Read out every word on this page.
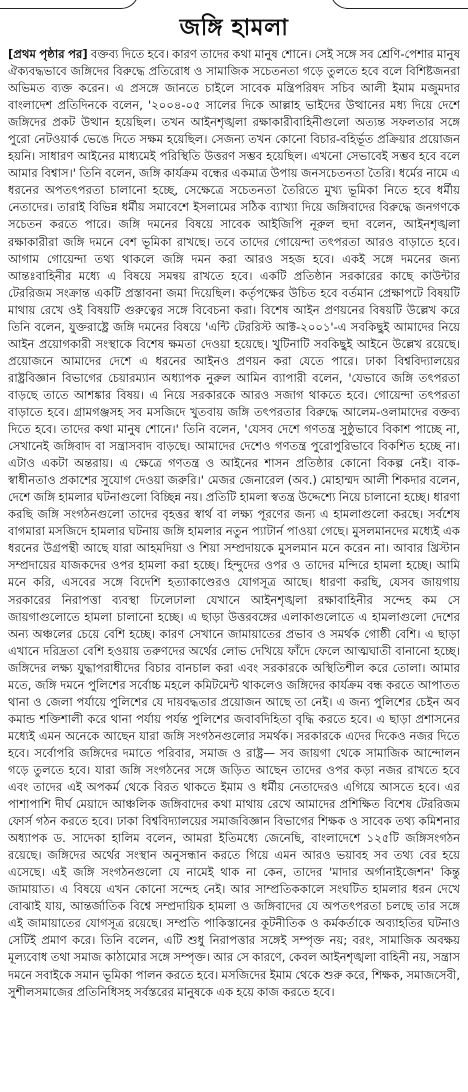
জঙ্গি হামলা

[প্রথম পৃষ্ঠার পর] বক্তব্য দিতে হবে। কারণ তাদের কথা মানুষ শোনে। সেই সঙ্গে সব শ্রেণি-পেশার মানুষ ঐক্যবদ্ধভাবে জঙ্গিদের বিরুদ্ধে প্রতিরোধ ও সামাজিক সচেতনতা গড়ে তুলতে হবে বলে বিশিষ্টজনরা অভিমত ব্যক্ত করেন। এ প্রসঙ্গে জানতে চাইলে সাবেক মন্ত্রিপরিষদ সচিব আলী ইমাম মজুমদার বাংলাদেশ প্রতিদিনকে বলেন, '২০০৪-০৫ সালের দিকে আল্লাহ ভাইদের উত্থানের মধ্য দিয়ে দেশে জঙ্গিদের প্রকট উত্থান হয়েছিল। তখন আইনশৃঙ্খলা রক্ষাকারীবাহিনীগুলো অত্যন্ত সফলতার সঙ্গে পুরো নেটওয়ার্ক ভেঙে দিতে সক্ষম হয়েছিল। সেজন্য তখন কোনো বিচার-বহির্ভূত প্রক্রিয়ার প্রয়োজন হয়নি। সাধারণ আইনের মাধ্যমেই পরিস্থিতি উত্তরণ সম্ভব হয়েছিল। এখনো সেভাবেই সম্ভব হবে বলে আমার বিশ্বাস।' তিনি বলেন, জঙ্গি কার্যক্রম বন্ধের একমাত্র উপায় জনসচেতনতা তৈরি। ধর্মের নামে এ ধরনের অপতৎপরতা চালানো হচ্ছে, সেক্ষেত্রে সচেতনতা তৈরিতে মুখ্য ভূমিকা নিতে হবে ধর্মীয় নেতাদের। তারাই বিভিন্ন ধর্মীয় সমাবেশে ইসলামের সঠিক ব্যাখ্যা দিয়ে জঙ্গিবাদের বিরুদ্ধে জনগণকে সচেতন করতে পারে। জঙ্গি দমনের বিষয়ে সাবেক আইজিপি নূরুল হুদা বলেন, আইনশৃঙ্খলা রক্ষাকারীরা জঙ্গি দমনে বেশ ভূমিকা রাখছে। তবে তাদের গোয়েন্দা তৎপরতা আরও বাড়াতে হবে। আগাম গোয়েন্দা তথ্য থাকলে জঙ্গি দমন করা আরও সহজ হবে। একই সঙ্গে দমনের জন্য আন্তঃবাহিনীর মধ্যে এ বিষয়ে সমন্বয় রাখতে হবে। একটি প্রতিষ্ঠান সরকারের কাছে কাউন্টার টেররিজম সংক্রান্ত একটি প্রস্তাবনা জমা দিয়েছিল। কর্তৃপক্ষের উচিত হবে বর্তমান প্রেক্ষাপটে বিষয়টি মাথায় রেখে ওই বিষয়টি গুরুত্বের সঙ্গে বিবেচনা করা। বিশেষ আইন প্রণয়নের বিষয়টি উল্লেখ করে তিনি বলেন, যুক্তরাষ্ট্রে জঙ্গি দমনের বিষয়ে 'এন্টি টেররিস্ট আক্ট-২০০১'-এ সবকিছুই আমাদের নিয়ে আইন প্রয়োগকারী সংস্থাকে বিশেষ ক্ষমতা দেওয়া হয়েছে। খুটিনাটি সবকিছুই আইনে উল্লেখ রয়েছে। প্রয়োজনে আমাদের দেশে এ ধরনের আইনও প্রণয়ন করা যেতে পারে। ঢাকা বিশ্ববিদ্যালয়ের রাষ্ট্রবিজ্ঞান বিভাগের চেয়ারম্যান অধ্যাপক নুরুল আমিন ব্যাপারী বলেন, 'যেভাবে জঙ্গি তৎপরতা বাড়ছে তাতে আশঙ্কার বিষয়। এ নিয়ে সরকারকে আরও সজাগ থাকতে হবে। গোয়েন্দা তৎপরতা বাড়াতে হবে। গ্রামগঞ্জসহ সব মসজিদে খুতবায় জঙ্গি তৎপরতার বিরুদ্ধে আলেম-ওলামাদের বক্তব্য দিতে হবে। তাদের কথা মানুষ শোনে।' তিনি বলেন, 'যেসব দেশে গণতন্ত্র সুষ্ঠুভাবে বিকাশ পাচ্ছে না, সেখানেই জঙ্গিবাদ বা সন্ত্রাসবাদ বাড়ছে। আমাদের দেশেও গণতন্ত্র পুরোপুরিভাবে বিকশিত হচ্ছে না। এটাও একটা অন্তরায়। এ ক্ষেত্রে গণতন্ত্র ও আইনের শাসন প্রতিষ্ঠার কোনো বিকল্প নেই। বাক-স্বাধীনতাও প্রকাশের সুযোগ দেওয়া জরুরি।' মেজর জেনারেল (অব.) মোহাম্মদ আলী শিকদার বলেন, দেশে জঙ্গি হামলার ঘটনাগুলো বিচ্ছিন্ন নয়। প্রতিটি হামলা স্বতন্ত্র উদ্দেশ্যে নিয়ে চালানো হচ্ছে। ধারণা করছি জঙ্গি সংগঠনগুলো তাদের বৃহত্তর স্বার্থ বা লক্ষ্য পূরণের জন্য এ হামলাগুলো করছে। সর্বশেষ বাগমারা মসজিদে হামলার ঘটনায় জঙ্গি হামলার নতুন প্যাটার্ন পাওয়া গেছে। মুসলমানদের মধ্যেই এক ধরনের উগ্রপন্থী আছে যারা আহমদিয়া ও শিয়া সম্প্রদায়কে মুসলমান মনে করেন না। আবার খ্রিস্টান সম্প্রদায়ের যাজকদের ওপর হামলা করা হচ্ছে। হিন্দুদের ওপর ও তাদের মন্দিরে হামলা হচ্ছে। আমি মনে করি, এসবের সঙ্গে বিদেশি হত্যাকাণ্ডেরও যোগসূত্র আছে। ধারণা করছি, যেসব জায়গায় সরকারের নিরাপত্তা ব্যবস্থা ঢিলেঢালা যেখানে আইনশৃঙ্খলা রক্ষাবাহিনীর সন্দেহ কম সে জায়গাগুলোতে হামলা চালানো হচ্ছে। এ ছাড়া উত্তরবঙ্গের এলাকাগুলোতে এ হামলাগুলো দেশের অন্য অঞ্চলের চেয়ে বেশি হচ্ছে। কারণ সেখানে জামায়াতের প্রভাব ও সমর্থক গোষ্ঠী বেশি। এ ছাড়া এখানে দরিদ্রতা বেশি হওয়ায় তরুণদের অর্থের লোভ দেখিয়ে ফাঁদে ফেলে আত্মঘাতী বানানো হচ্ছে। জঙ্গিদের লক্ষ্য যুদ্ধাপরাধীদের বিচার বানচাল করা এবং সরকারকে অস্থিতিশীল করে তোলা। আমার মতে, জঙ্গি দমনে পুলিশের সর্বোচ্চ মহলে কমিটমেন্ট থাকলেও জঙ্গিদের কার্যক্রম বন্ধ করতে আপাতত থানা ও জেলা পর্যায়ে পুলিশের যে দায়বদ্ধতার প্রয়োজন আছে তা নেই। এ জন্য পুলিশের চেইন অব কমান্ড শক্তিশালী করে থানা পর্যায় পর্যন্ত পুলিশের জবাবদিহিতা বৃদ্ধি করতে হবে। এ ছাড়া প্রশাসনের মধ্যেই এমন অনেকে আছেন যারা জঙ্গি সংগঠনগুলোর সমর্থক। সরকারকে এদের দিকেও নজর দিতে হবে। সর্বোপরি জঙ্গিদের দমাতে পরিবার, সমাজ ও রাষ্ট্র— সব জায়গা থেকে সামাজিক আন্দোলন গড়ে তুলতে হবে। যারা জঙ্গি সংগঠনের সঙ্গে জড়িত আছেন তাদের ওপর কড়া নজর রাখতে হবে এবং তাদের এই অপকর্ম থেকে বিরত থাকতে ইমাম ও ধর্মীয় নেতাদেরও এগিয়ে আসতে হবে। এর পাশাপাশি দীর্ঘ মেয়াদে আঞ্চলিক জঙ্গিবাদের কথা মাথায় রেখে আমাদের প্রশিক্ষিত বিশেষ টেররিজম ফোর্স গঠন করতে হবে। ঢাকা বিশ্ববিদ্যালয়ের সমাজবিজ্ঞান বিভাগের শিক্ষক ও সাবেক তথ্য কমিশনার অধ্যাপক ড. সাদেকা হালিম বলেন, আমরা ইতিমধ্যে জেনেছি, বাংলাদেশে ১২৫টি জঙ্গিসংগঠন রয়েছে। জঙ্গিদের অর্থের সংস্থান অনুসন্ধান করতে গিয়ে এমন আরও ভয়াবহ সব তথ্য বের হয়ে এসেছে। এই জঙ্গি সংগঠনগুলো যে নামেই থাক না কেন, তাদের 'মাদার অর্গানাইজেশন' কিন্তু জামায়াত। এ বিষয়ে এখন কোনো সন্দেহ নেই। আর সাম্প্রতিককালে সংঘটিত হামলার ধরন দেখে বোঝাই যায়, আন্তর্জাতিক বিশ্বে সম্প্রদায়িক হামলা ও জঙ্গিবাদের যে অপতৎপরতা চলছে তার সঙ্গে এই জামায়াতের যোগসূত্র রয়েছে। সম্প্রতি পাকিস্তানের কূটনীতিক ও কর্মকর্তাকে অব্যাহতির ঘটনাও সেটিই প্রমাণ করে। তিনি বলেন, এটি শুধু নিরাপত্তার সঙ্গেই সম্পৃক্ত নয়; বরং, সামাজিক অবক্ষয় মূল্যবোধ তথা সমাজ কাঠামোর সঙ্গে সম্পৃক্ত। আর সে কারণে, কেবল আইনশৃঙ্খলা বাহিনী নয়, সন্ত্রাস দমনে সবাইকে সমান ভূমিকা পালন করতে হবে। মসজিদের ইমাম থেকে শুরু করে, শিক্ষক, সমাজসেবী, সুশীলসমাজের প্রতিনিধিসহ সর্বস্তরের মানুষকে এক হয়ে কাজ করতে হবে।
